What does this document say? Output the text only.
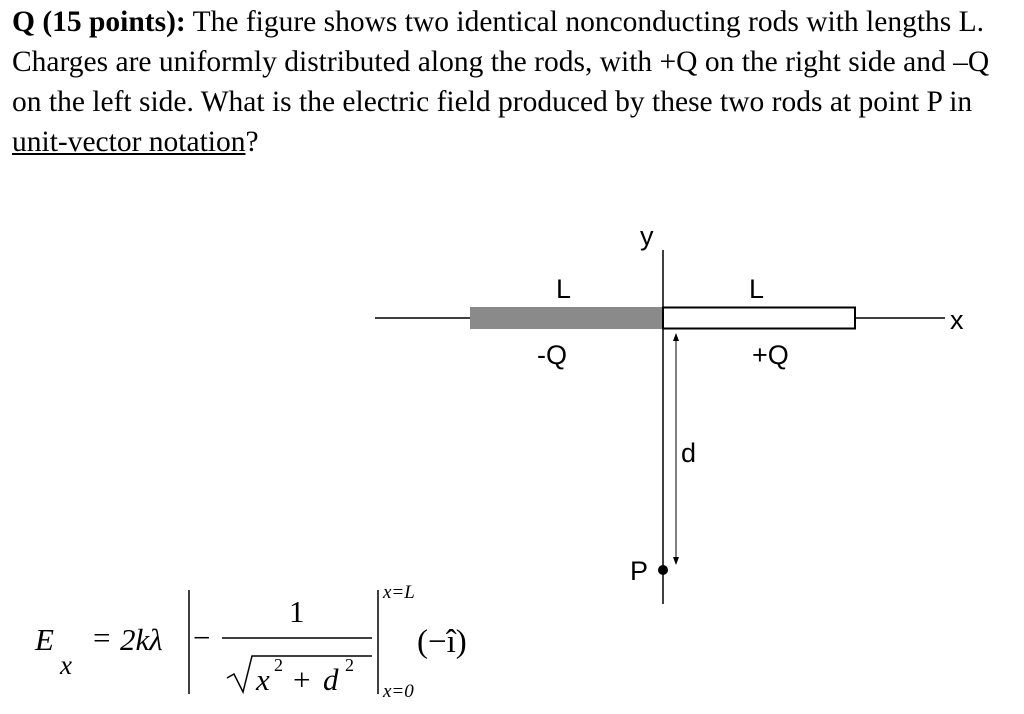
Q (15 points): The figure shows two identical nonconducting rods with lengths L. Charges are uniformly distributed along the rods, with +Q on the right side and –Q on the left side. What is the electric field produced by these two rods at point P in unit-vector notation?
y
x
L	L
-Q	+Q
d
P
E
x
= 2kλ −
1
x 2 + d 2
x=L
x=0
(−î)
